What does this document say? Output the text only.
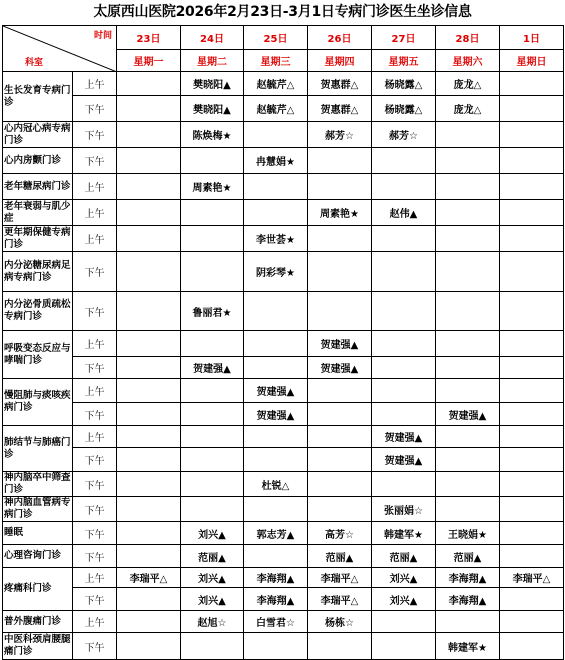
太原西山医院2026年2月23日-3月1日专病门诊医生坐诊信息
时间
科室		23日	24日	25日	26日	27日	28日	1日
		星期一	星期二	星期三	星期四	星期五	星期六	星期日
生长发育专病门诊	上午		樊晓阳▲	赵毓芹△	贺惠群△	杨晓露△	庞龙△	
	下午		樊晓阳▲	赵毓芹△	贺惠群△	杨晓露△	庞龙△	
心内冠心病专病门诊	下午		陈焕梅★		郝芳☆	郝芳☆		
心内房颤门诊	下午			冉慧娟★				
老年糖尿病门诊	上午		周素艳★					
老年衰弱与肌少症	上午				周素艳★	赵伟▲		
更年期保健专病门诊	上午			李世荟★				
内分泌糖尿病足病专病门诊	下午			阴彩琴★				
内分泌骨质疏松专病门诊	下午		鲁丽君★					
呼吸变态反应与哮喘门诊	上午				贺建强▲			
	下午		贺建强▲		贺建强▲			
慢阻肺与痰咳疾病门诊	上午			贺建强▲				
	下午			贺建强▲			贺建强▲	
肺结节与肺癌门诊	上午					贺建强▲		
	下午					贺建强▲		
神内脑卒中筛查门诊	下午			杜锐△				
神内脑血管病专病门诊	下午					张丽娟☆		
睡眠	下午		刘兴▲	郭志芳▲	高芳☆	韩建军★	王晓娟★	
心理咨询门诊	下午		范丽▲		范丽▲	范丽▲	范丽▲	
疼痛科门诊	上午	李瑞平△	刘兴▲	李海翔▲	李瑞平△	刘兴▲	李海翔▲	李瑞平△
	下午		刘兴▲	李海翔▲	李瑞平△	刘兴▲	李海翔▲	
普外腹痛门诊	上午		赵旭☆	白雪君☆	杨栋☆			
中医科颈肩腰腿痛门诊	下午						韩建军★	
